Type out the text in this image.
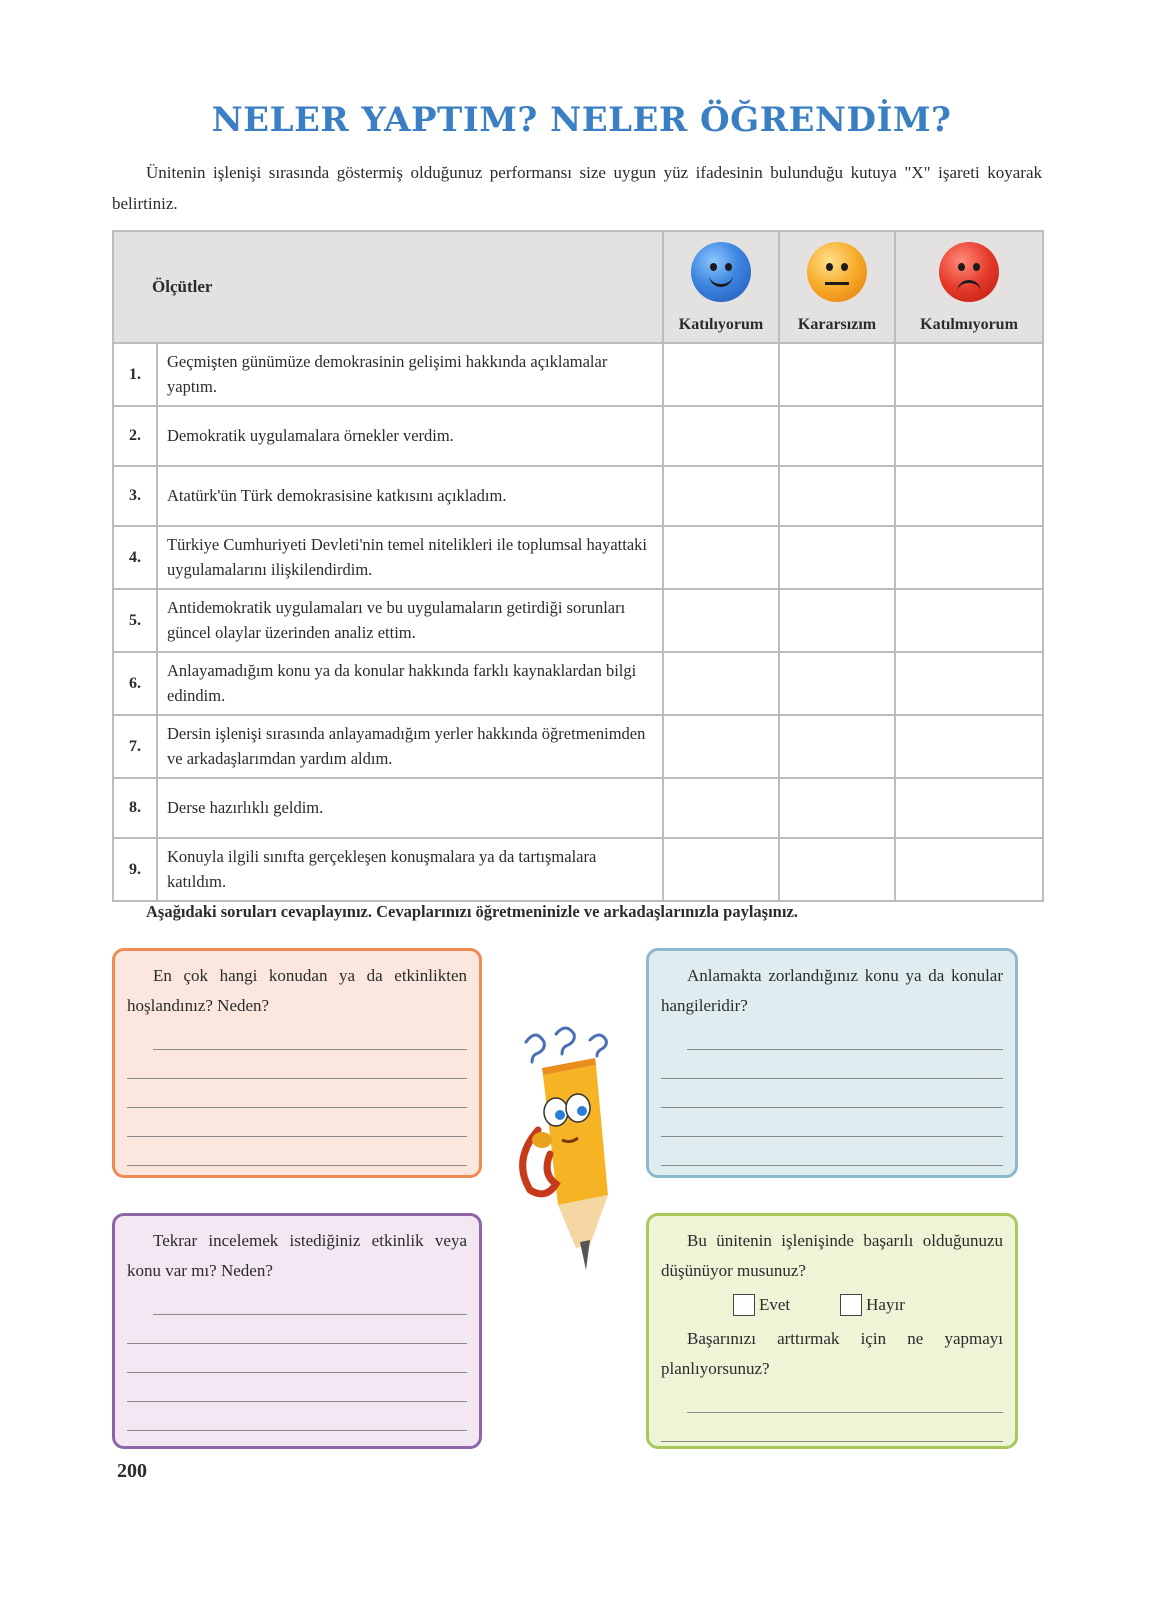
NELER YAPTIM? NELER ÖĞRENDİM?
Ünitenin işlenişi sırasında göstermiş olduğunuz performansı size uygun yüz ifadesinin bulunduğu kutuya "X" işareti koyarak belirtiniz.
Ölçütler		Katılıyorum	Kararsızım	Katılmıyorum

1.	Geçmişten günümüze demokrasinin gelişimi hakkında açıklamalar yaptım.			
2.	Demokratik uygulamalara örnekler verdim.			
3.	Atatürk'ün Türk demokrasisine katkısını açıkladım.			
4.	Türkiye Cumhuriyeti Devleti'nin temel nitelikleri ile toplumsal hayattaki uygulamalarını ilişkilendirdim.			
5.	Antidemokratik uygulamaları ve bu uygulamaların getirdiği sorunları güncel olaylar üzerinden analiz ettim.			
6.	Anlayamadığım konu ya da konular hakkında farklı kaynaklardan bilgi edindim.			
7.	Dersin işlenişi sırasında anlayamadığım yerler hakkında öğretmenimden ve arkadaşlarımdan yardım aldım.			
8.	Derse hazırlıklı geldim.			
9.	Konuyla ilgili sınıfta gerçekleşen konuşmalara ya da tartışmalara katıldım.			
Aşağıdaki soruları cevaplayınız. Cevaplarınızı öğretmeninizle ve arkadaşlarınızla paylaşınız.
En çok hangi konudan ya da etkinlikten hoşlandınız? Neden?
Anlamakta zorlandığınız konu ya da konular hangileridir?
Tekrar incelemek istediğiniz etkinlik veya konu var mı? Neden?
Bu ünitenin işlenişinde başarılı olduğunuzu düşünüyor musunuz?
Evet	Hayır
Başarınızı arttırmak için ne yapmayı planlıyorsunuz?
200
